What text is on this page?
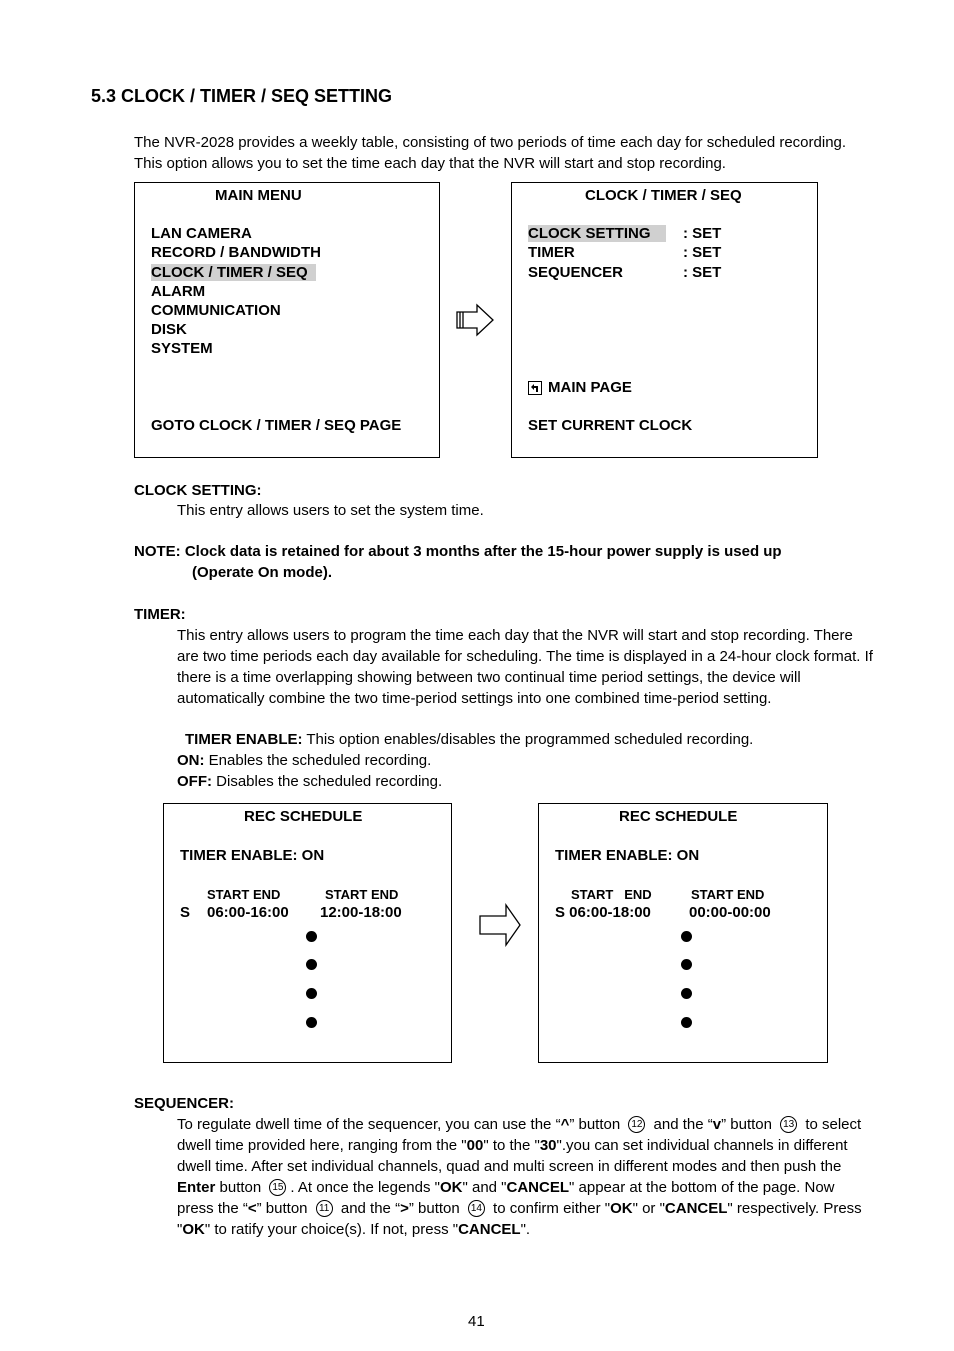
5.3 CLOCK / TIMER / SEQ SETTING

The NVR-2028 provides a weekly table, consisting of two periods of time each day for scheduled recording. This option allows you to set the time each day that the NVR will start and stop recording.

MAIN MENU
LAN CAMERA
RECORD / BANDWIDTH
CLOCK / TIMER / SEQ
ALARM
COMMUNICATION
DISK
SYSTEM
GOTO CLOCK / TIMER / SEQ PAGE
CLOCK / TIMER / SEQ
CLOCK SETTING	: SET
TIMER	: SET
SEQUENCER	: SET
MAIN PAGE
SET CURRENT CLOCK
CLOCK SETTING:
This entry allows users to set the system time.
NOTE: Clock data is retained for about 3 months after the 15-hour power supply is used up
(Operate On mode).
TIMER:

This entry allows users to program the time each day that the NVR will start and stop recording. There are two time periods each day available for scheduling. The time is displayed in a 24-hour clock format. If there is a time overlapping showing between two continual time period settings, the device will automatically combine the two time-period settings into one combined time-period setting.

TIMER ENABLE: This option enables/disables the programmed scheduled recording.
ON: Enables the scheduled recording.
OFF: Disables the scheduled recording.
REC SCHEDULE
TIMER ENABLE: ON
START END	START END
S 06:00-16:00 12:00-18:00
REC SCHEDULE
TIMER ENABLE: ON
START   END	START END
S 06:00-18:00	00:00-00:00
SEQUENCER:

To regulate dwell time of the sequencer, you can use the “^” button 12 and the “v” button 13 to select dwell time provided here, ranging from the "00" to the "30".you can set individual channels in different dwell time. After set individual channels, quad and multi screen in different modes and then push the Enter button 15 . At once the legends "OK" and "CANCEL" appear at the bottom of the page. Now press the “<” button 11 and the “>” button 14 to confirm either "OK" or "CANCEL" respectively. Press "OK" to ratify your choice(s). If not, press "CANCEL".

41
